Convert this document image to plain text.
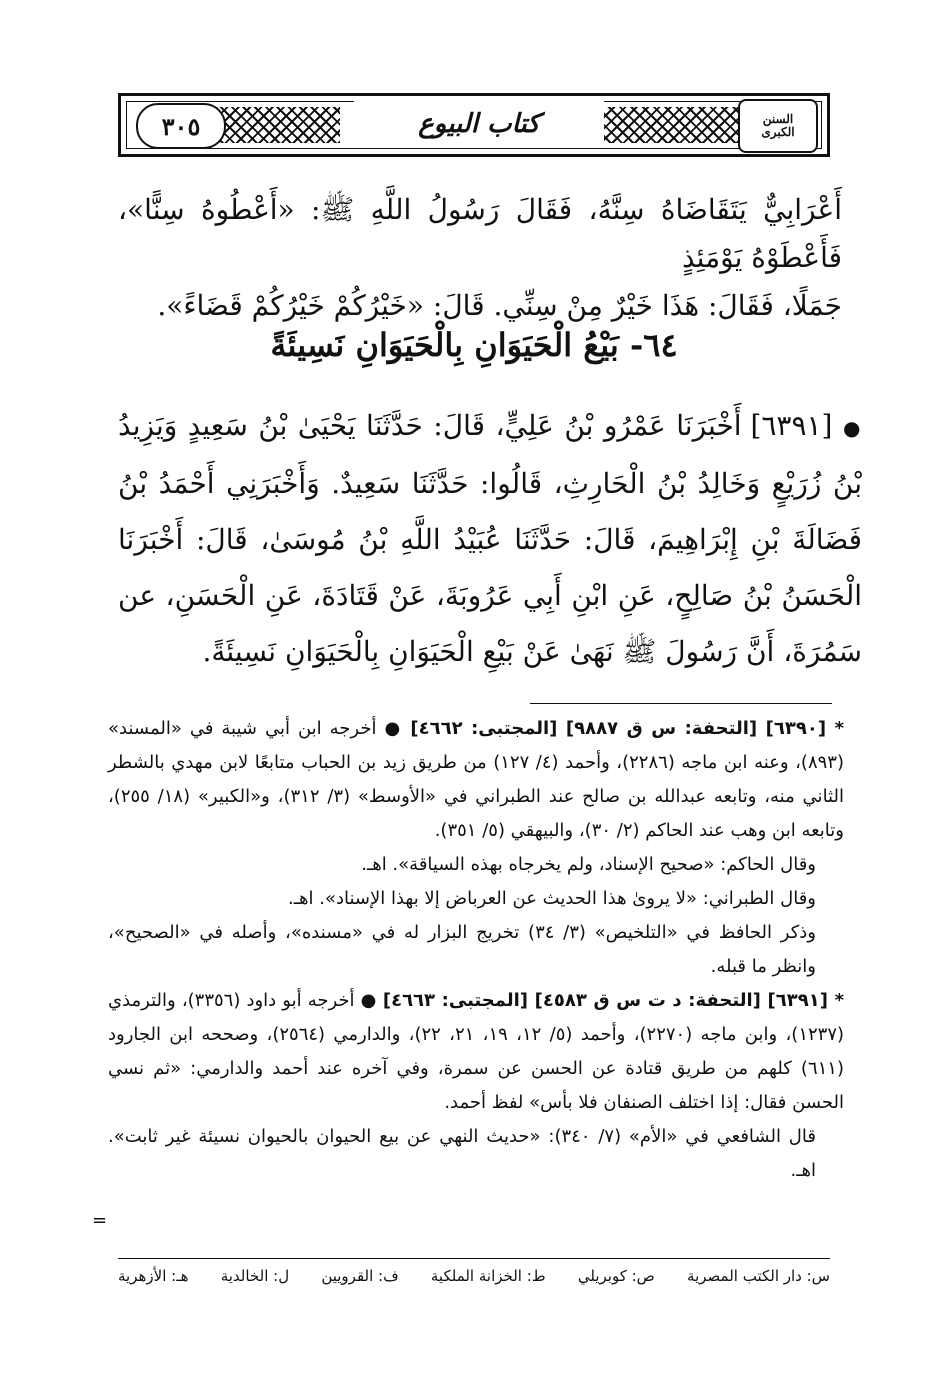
٣٠٥	كتاب البيوع	السنن
الكبرى
أَعْرَابِيٌّ يَتَقَاضَاهُ سِنَّهُ، فَقَالَ رَسُولُ اللَّهِ ﷺ: «أَعْطُوهُ سِنًّا»، فَأَعْطَوْهُ يَوْمَئِذٍ
جَمَلًا، فَقَالَ: هَذَا خَيْرٌ مِنْ سِنِّي. قَالَ: «خَيْرُكُمْ خَيْرُكُمْ قَضَاءً».
٦٤- بَيْعُ الْحَيَوَانِ بِالْحَيَوَانِ نَسِيئَةً
● [٦٣٩١] أَخْبَرَنَا عَمْرُو بْنُ عَلِيٍّ، قَالَ: حَدَّثَنَا يَحْيَىٰ بْنُ سَعِيدٍ وَيَزِيدُ بْنُ زُرَيْعٍ وَخَالِدُ بْنُ الْحَارِثِ، قَالُوا: حَدَّثَنَا سَعِيدٌ. وَأَخْبَرَنِي أَحْمَدُ بْنُ فَضَالَةَ بْنِ إِبْرَاهِيمَ، قَالَ: حَدَّثَنَا عُبَيْدُ اللَّهِ بْنُ مُوسَىٰ، قَالَ: أَخْبَرَنَا الْحَسَنُ بْنُ صَالِحٍ، عَنِ ابْنِ أَبِي عَرُوبَةَ، عَنْ قَتَادَةَ، عَنِ الْحَسَنِ، عن سَمُرَةَ، أَنَّ رَسُولَ ﷺ نَهَىٰ عَنْ بَيْعِ الْحَيَوَانِ بِالْحَيَوَانِ نَسِيئَةً.

* [٦٣٩٠] [التحفة: س ق ٩٨٨٧] [المجتبى: ٤٦٦٢] ● أخرجه ابن أبي شيبة في «المسند» (٨٩٣)، وعنه ابن ماجه (٢٢٨٦)، وأحمد (٤/ ١٢٧) من طريق زيد بن الحباب متابعًا لابن مهدي بالشطر الثاني منه، وتابعه عبدالله بن صالح عند الطبراني في «الأوسط» (٣/ ٣١٢)، و«الكبير» (١٨/ ٢٥٥)، وتابعه ابن وهب عند الحاكم (٢/ ٣٠)، والبيهقي (٥/ ٣٥١).

وقال الحاكم: «صحيح الإسناد، ولم يخرجاه بهذه السياقة». اهـ.

وقال الطبراني: «لا يروىٰ هذا الحديث عن العرباض إلا بهذا الإسناد». اهـ.

وذكر الحافظ في «التلخيص» (٣/ ٣٤) تخريج البزار له في «مسنده»، وأصله في «الصحيح»، وانظر ما قبله.

* [٦٣٩١] [التحفة: د ت س ق ٤٥٨٣] [المجتبى: ٤٦٦٣] ● أخرجه أبو داود (٣٣٥٦)، والترمذي (١٢٣٧)، وابن ماجه (٢٢٧٠)، وأحمد (٥/ ١٢، ١٩، ٢١، ٢٢)، والدارمي (٢٥٦٤)، وصححه ابن الجارود (٦١١) كلهم من طريق قتادة عن الحسن عن سمرة، وفي آخره عند أحمد والدارمي: «ثم نسي الحسن فقال: إذا اختلف الصنفان فلا بأس» لفظ أحمد.

قال الشافعي في «الأم» (٧/ ٣٤٠): «حديث النهي عن بيع الحيوان بالحيوان نسيئة غير ثابت». اهـ.

=
س: دار الكتب المصرية
ص: كوبريلي
ط: الخزانة الملكية
ف: القرويين
ل: الخالدية
هـ: الأزهرية
